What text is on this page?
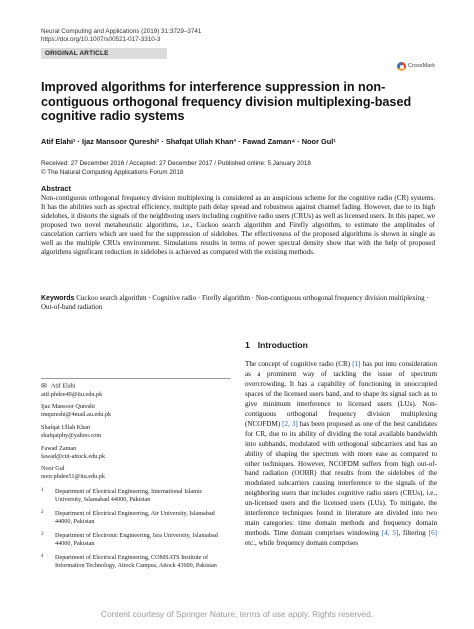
Neural Computing and Applications (2019) 31:3729–3741
https://doi.org/10.1007/s00521-017-3310-3
ORIGINAL ARTICLE
CrossMark
Improved algorithms for interference suppression in non-contiguous orthogonal frequency division multiplexing-based cognitive radio systems
Atif Elahi¹ · Ijaz Mansoor Qureshi² · Shafqat Ullah Khan³ · Fawad Zaman⁴ · Noor Gul¹
Received: 27 December 2016 / Accepted: 27 December 2017 / Published online: 5 January 2018
© The Natural Computing Applications Forum 2018
Abstract
Non-contiguous orthogonal frequency division multiplexing is considered as an auspicious scheme for the cognitive radio (CR) systems. It has the abilities such as spectral efficiency, multiple path delay spread and robustness against channel fading. However, due to its high sidelobes, it distorts the signals of the neighboring users including cognitive radio users (CRUs) as well as licensed users. In this paper, we proposed two novel metaheuristic algorithms, i.e., Cuckoo search algorithm and Firefly algorithm, to estimate the amplitudes of cancelation carriers which are used for the suppression of sidelobes. The effectiveness of the proposed algorithms is shown in single as well as the multiple CRUs environment. Simulations results in terms of power spectral density show that with the help of proposed algorithms significant reduction in sidelobes is achieved as compared with the existing methods.
Keywords Cuckoo search algorithm · Cognitive radio · Firefly algorithm · Non-contiguous orthogonal frequency division multiplexing · Out-of-band radiation
1 Introduction
The concept of cognitive radio (CR) [1] has put into consideration as a prominent way of tackling the issue of spectrum overcrowding. It has a capability of functioning in unoccupied spaces of the licensed users band, and to shape its signal such as to give minimum interference to licensed users (LUs). Non-contiguous orthogonal frequency division multiplexing (NCOFDM) [2, 3] has been proposed as one of the best candidates for CR, due to its ability of dividing the total available bandwidth into subbands, modulated with orthogonal subcarriers and has an ability of shaping the spectrum with more ease as compared to other techniques. However, NCOFDM suffers from high out-of-band radiation (OOBR) that results from the sidelobes of the modulated subcarriers causing interference to the signals of the neighboring users that includes cognitive radio users (CRUs), i.e., un-licensed users and the licensed users (LUs). To mitigate, the interference techniques found in literature are divided into two main categories: time domain methods and frequency domain methods. Time domain comprises windowing [4, 5], filtering [6] etc., while frequency domain comprises
✉ Atif Elahi
atif.phdee40@iiu.edu.pk
Ijaz Mansoor Qureshi
imqureshi@4mail.au.edu.pk
Shafqat Ullah Khan
shafqatphy@yahoo.com
Fawad Zaman
fawad@ciit-attock.edu.pk
Noor Gul
noor.phdee51@iiu.edu.pk
1 Department of Electrical Engineering, International Islamic University, Islamabad 44000, Pakistan
2 Department of Electrical Engineering, Air University, Islamabad 44000, Pakistan
3 Department of Electronic Engineering, Isra University, Islamabad 44000, Pakistan
4 Department of Electrical Engineering, COMSATS Institute of Information Technology, Attock Campus, Attock 43600, Pakistan
Content courtesy of Springer Nature, terms of use apply. Rights reserved.
